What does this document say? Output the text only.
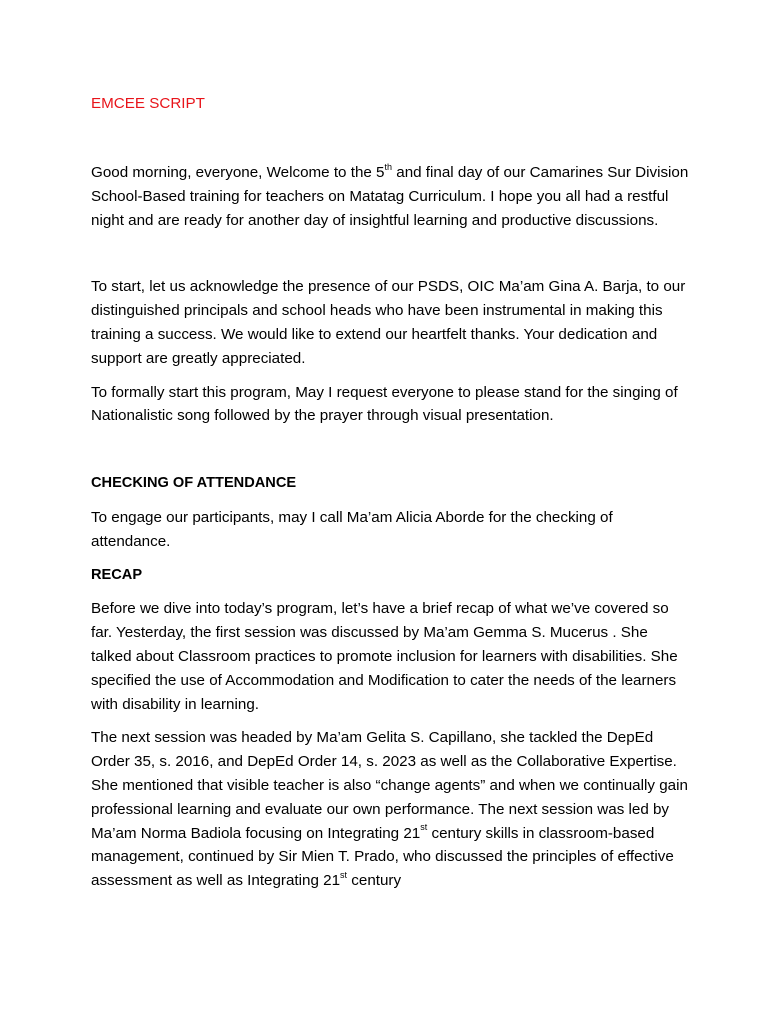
EMCEE SCRIPT

Good morning, everyone, Welcome to the 5th and final day of our Camarines Sur Division School-Based training for teachers on Matatag Curriculum. I hope you all had a restful night and are ready for another day of insightful learning and productive discussions.

To start, let us acknowledge the presence of our PSDS, OIC Ma’am Gina A. Barja, to our distinguished principals and school heads who have been instrumental in making this training a success. We would like to extend our heartfelt thanks. Your dedication and support are greatly appreciated.

To formally start this program, May I request everyone to please stand for the singing of Nationalistic song followed by the prayer through visual presentation.

CHECKING OF ATTENDANCE

To engage our participants, may I call Ma’am Alicia Aborde for the checking of attendance.

RECAP

Before we dive into today’s program, let’s have a brief recap of what we’ve covered so far. Yesterday, the first session was discussed by Ma’am Gemma S. Mucerus . She talked about Classroom practices to promote inclusion for learners with disabilities. She specified the use of Accommodation and Modification to cater the needs of the learners with disability in learning.

The next session was headed by Ma’am Gelita S. Capillano, she tackled the DepEd Order 35, s. 2016, and DepEd Order 14, s. 2023 as well as the Collaborative Expertise. She mentioned that visible teacher is also “change agents” and when we continually gain professional learning and evaluate our own performance. The next session was led by Ma’am Norma Badiola focusing on Integrating 21st century skills in classroom-based management, continued by Sir Mien T. Prado, who discussed the principles of effective assessment as well as Integrating 21st century
